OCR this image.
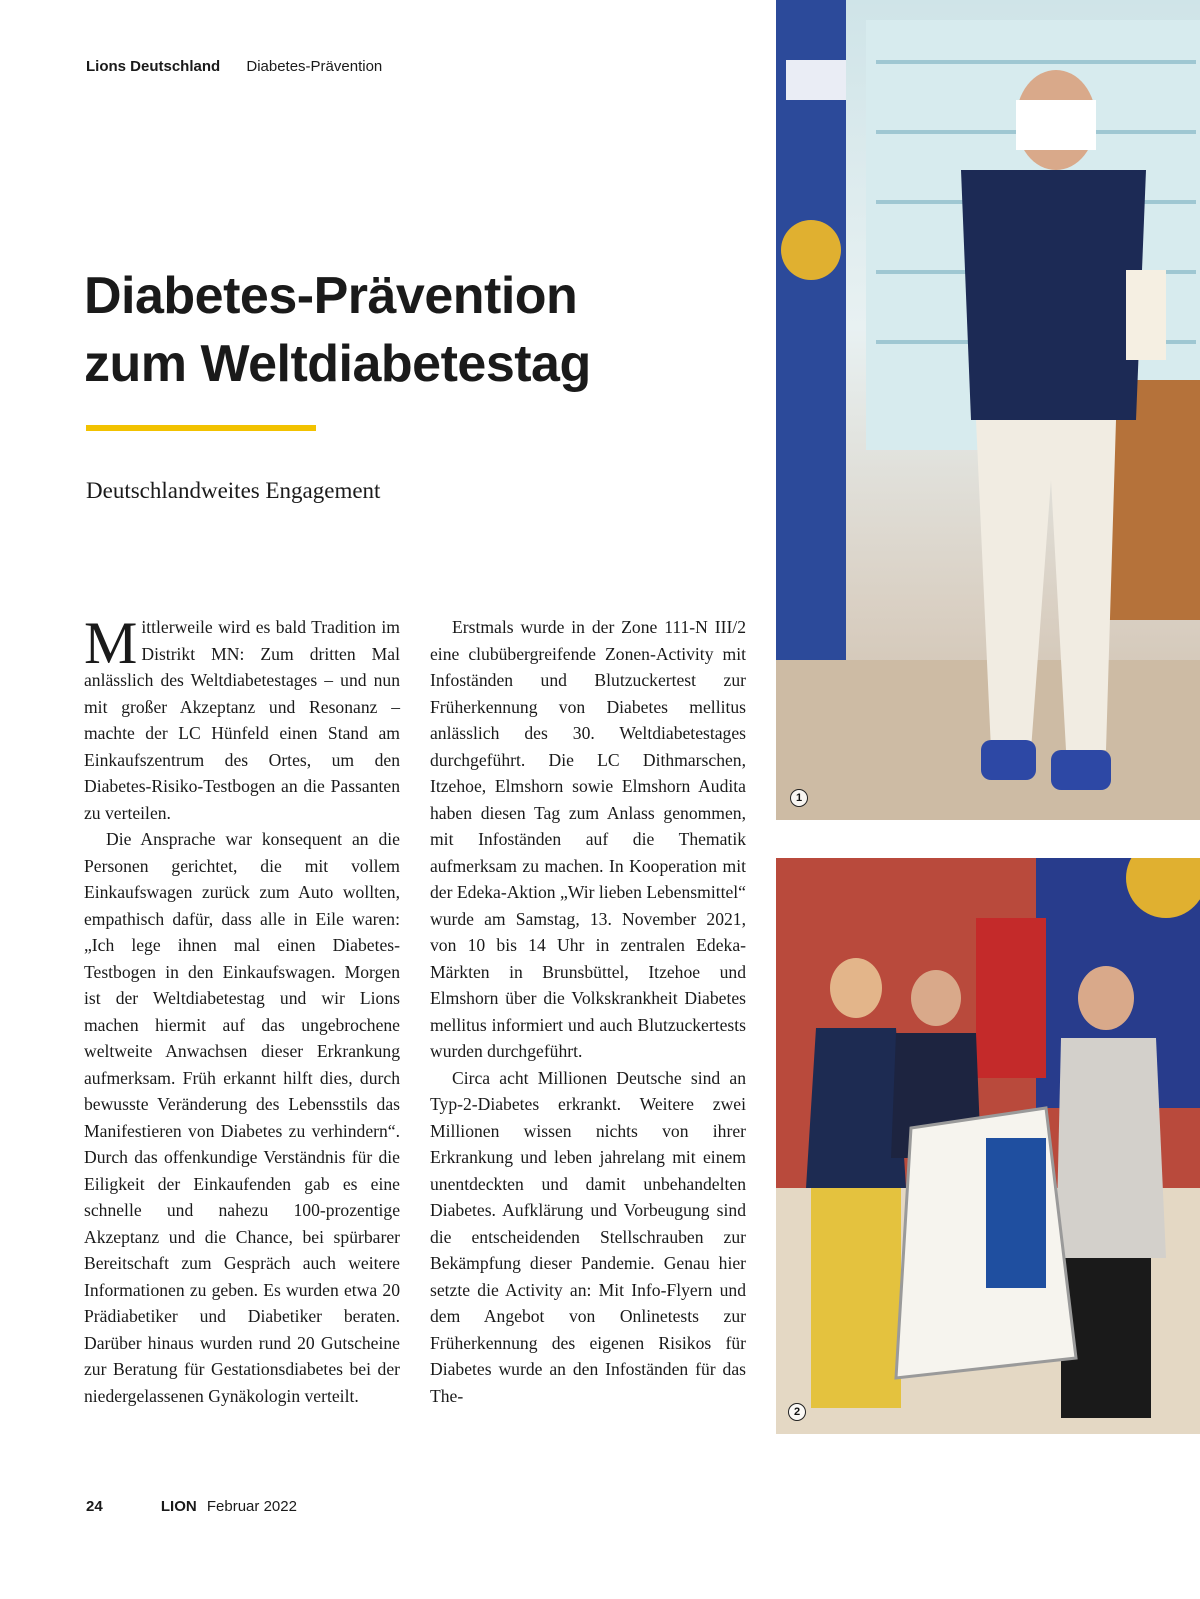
Lions Deutschland Diabetes-Prävention
Diabetes-Prävention
zum Weltdiabetestag
Deutschlandweites Engagement

Mittlerweile wird es bald Tradition im Distrikt MN: Zum dritten Mal anlässlich des Weltdiabetestages – und nun mit großer Akzeptanz und Resonanz – machte der LC Hünfeld einen Stand am Einkaufszentrum des Ortes, um den Diabetes-Risiko-Testbogen an die Passanten zu verteilen.

Die Ansprache war konsequent an die Personen gerichtet, die mit vollem Einkaufswagen zurück zum Auto wollten, empathisch dafür, dass alle in Eile waren: „Ich lege ihnen mal einen Diabetes-Testbogen in den Einkaufswagen. Morgen ist der Weltdiabetestag und wir Lions machen hiermit auf das ungebrochene weltweite Anwachsen dieser Erkrankung aufmerksam. Früh erkannt hilft dies, durch bewusste Veränderung des Lebensstils das Manifestieren von Diabetes zu verhindern“. Durch das offenkundige Verständnis für die Eiligkeit der Einkaufenden gab es eine schnelle und nahezu 100-prozentige Akzeptanz und die Chance, bei spürbarer Bereitschaft zum Gespräch auch weitere Informationen zu geben. Es wurden etwa 20 Prädiabetiker und Diabetiker beraten. Darüber hinaus wurden rund 20 Gutscheine zur Beratung für Gestationsdiabetes bei der niedergelassenen Gynäkologin verteilt.

Erstmals wurde in der Zone 111-N III/2 eine clubübergreifende Zonen-Activity mit Infoständen und Blutzuckertest zur Früherkennung von Diabetes mellitus anlässlich des 30. Weltdiabetestages durchgeführt. Die LC Dithmarschen, Itzehoe, Elmshorn sowie Elmshorn Audita haben diesen Tag zum Anlass genommen, mit Infoständen auf die Thematik aufmerksam zu machen. In Kooperation mit der Edeka-Aktion „Wir lieben Lebensmittel“ wurde am Samstag, 13. November 2021, von 10 bis 14 Uhr in zentralen Edeka-Märkten in Brunsbüttel, Itzehoe und Elmshorn über die Volkskrankheit Diabetes mellitus informiert und auch Blutzuckertests wurden durchgeführt.

Circa acht Millionen Deutsche sind an Typ-2-Diabetes erkrankt. Weitere zwei Millionen wissen nichts von ihrer Erkrankung und leben jahrelang mit einem unentdeckten und damit unbehandelten Diabetes. Aufklärung und Vorbeugung sind die entscheidenden Stellschrauben zur Bekämpfung dieser Pandemie. Genau hier setzte die Activity an: Mit Info-Flyern und dem Angebot von Onlinetests zur Früherkennung des eigenen Risikos für Diabetes wurde an den Infoständen für das The-

1
2
24	LION Februar 2022
